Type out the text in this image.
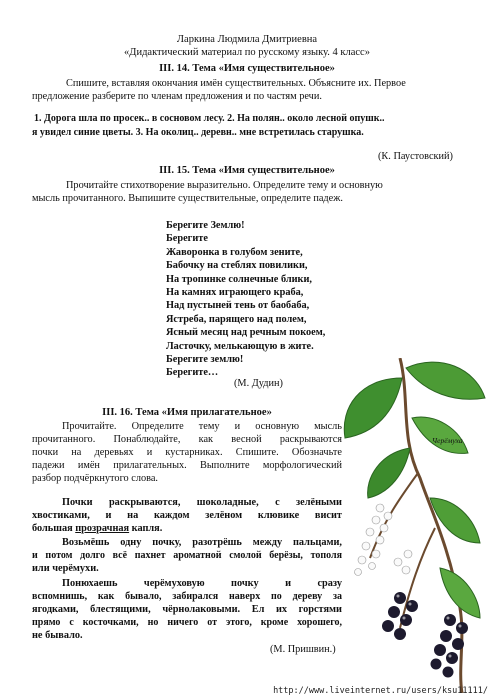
Ларкина Людмила Дмитриевна
«Дидактический материал по русскому языку. 4 класс»
III. 14. Тема «Имя существительное»
Спишите, вставляя окончания имён существительных. Объясните их. Первое
предложение разберите по членам предложения и по частям речи.
1. Дорога шла по просек.. в сосновом лесу. 2. На полян.. около лесной опушк..
я увидел синие цветы. 3. На околиц.. деревн.. мне встретилась старушка.
(К. Паустовский)
III. 15. Тема «Имя существительное»
Прочитайте стихотворение выразительно. Определите тему и основную
мысль прочитанного. Выпишите существительные, определите падеж.
Берегите Землю!
Берегите
Жаворонка в голубом зените,
Бабочку на стеблях повилики,
На тропинке солнечные блики,
На камнях играющего краба,
Над пустыней тень от баобаба,
Ястреба, парящего над полем,
Ясный месяц над речным покоем,
Ласточку, мелькающую в жите.
Берегите землю!
Берегите…
(М. Дудин)
III. 16. Тема «Имя прилагательное»
Прочитайте. Определите тему и основную мысль
прочитанного. Понаблюдайте, как весной раскрываются
почки на деревьях и кустарниках. Спишите. Обозначьте
падежи имён прилагательных. Выполните морфологический
разбор подчёркнутого слова.
Почки раскрываются, шоколадные, с зелёными
хвостиками, и на каждом зелёном клювике висит
большая прозрачная капля.
Возьмёшь одну почку, разотрёшь между пальцами,
и потом долго всё пахнет ароматной смолой берёзы, тополя
или черёмухи.
Понюхаешь черёмуховую почку и сразу
вспомнишь, как бывало, забирался наверх по дереву за
ягодками, блестящими, чёрнолаковыми. Ел их горстями
прямо с косточками, но ничего от этого, кроме хорошего,
не бывало.
(М. Пришвин.)
Черёмуха
http://www.liveinternet.ru/users/ksu11111/
